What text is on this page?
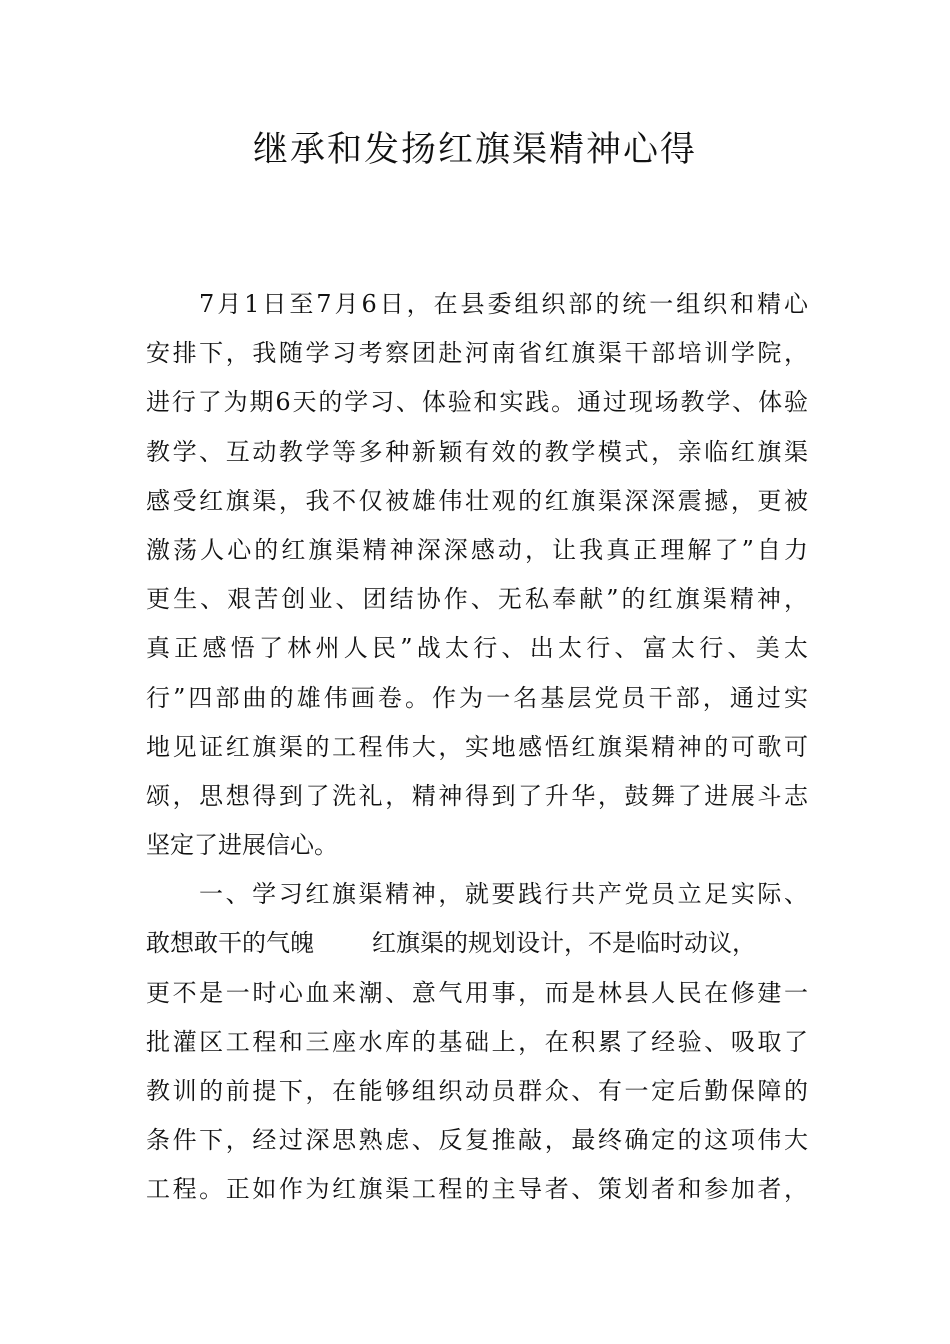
继承和发扬红旗渠精神心得
7月1日至7月6日，在县委组织部的统一组织和精心
安排下，我随学习考察团赴河南省红旗渠干部培训学院，
进行了为期6天的学习、体验和实践。通过现场教学、体验
教学、互动教学等多种新颖有效的教学模式，亲临红旗渠
感受红旗渠，我不仅被雄伟壮观的红旗渠深深震撼，更被
激荡人心的红旗渠精神深深感动，让我真正理解了”自力
更生、艰苦创业、团结协作、无私奉献”的红旗渠精神，
真正感悟了林州人民”战太行、出太行、富太行、美太
行”四部曲的雄伟画卷。作为一名基层党员干部，通过实
地见证红旗渠的工程伟大，实地感悟红旗渠精神的可歌可
颂，思想得到了洗礼，精神得到了升华，鼓舞了进展斗志
坚定了进展信心。
一、学习红旗渠精神，就要践行共产党员立足实际、
敢想敢干的气魄 红旗渠的规划设计，不是临时动议，
更不是一时心血来潮、意气用事，而是林县人民在修建一
批灌区工程和三座水库的基础上，在积累了经验、吸取了
教训的前提下，在能够组织动员群众、有一定后勤保障的
条件下，经过深思熟虑、反复推敲，最终确定的这项伟大
工程。正如作为红旗渠工程的主导者、策划者和参加者，
